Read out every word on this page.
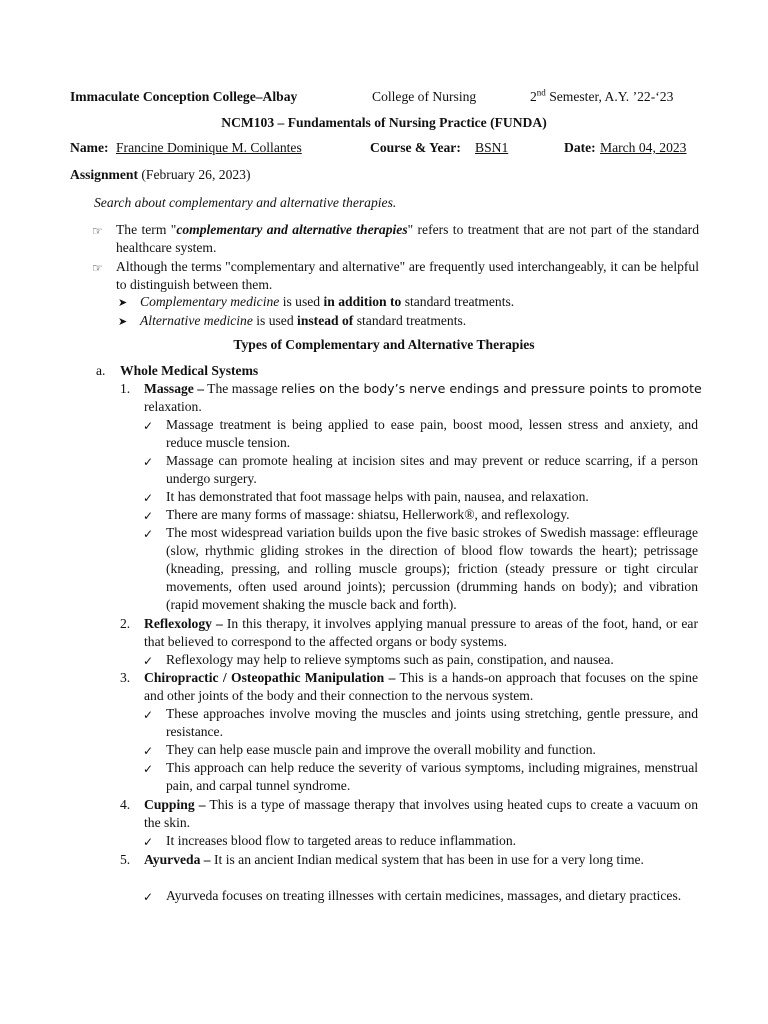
Immaculate Conception College–Albay	College of Nursing	2nd Semester, A.Y. ’22-‘23
NCM103 – Fundamentals of Nursing Practice (FUNDA)
Name: Francine Dominique M. Collantes	Course & Year: BSN1	Date: March 04, 2023
Assignment (February 26, 2023)
Search about complementary and alternative therapies.
☞ The term "complementary and alternative therapies" refers to treatment that are not part of the standard healthcare system.
☞ Although the terms "complementary and alternative" are frequently used interchangeably, it can be helpful to distinguish between them.
➤ Complementary medicine is used in addition to standard treatments.
➤ Alternative medicine is used instead of standard treatments.
Types of Complementary and Alternative Therapies
a. Whole Medical Systems
1. Massage – The massage relies on the body’s nerve endings and pressure points to promote
relaxation.
✓ Massage treatment is being applied to ease pain, boost mood, lessen stress and anxiety, and reduce muscle tension.
✓ Massage can promote healing at incision sites and may prevent or reduce scarring, if a person undergo surgery.
✓ It has demonstrated that foot massage helps with pain, nausea, and relaxation.
✓ There are many forms of massage: shiatsu, Hellerwork®, and reflexology.
✓ The most widespread variation builds upon the five basic strokes of Swedish massage: effleurage (slow, rhythmic gliding strokes in the direction of blood flow towards the heart); petrissage (kneading, pressing, and rolling muscle groups); friction (steady pressure or tight circular movements, often used around joints); percussion (drumming hands on body); and vibration (rapid movement shaking the muscle back and forth).
2. Reflexology – In this therapy, it involves applying manual pressure to areas of the foot, hand, or ear that believed to correspond to the affected organs or body systems.
✓ Reflexology may help to relieve symptoms such as pain, constipation, and nausea.
3. Chiropractic / Osteopathic Manipulation – This is a hands-on approach that focuses on the spine and other joints of the body and their connection to the nervous system.
✓ These approaches involve moving the muscles and joints using stretching, gentle pressure, and resistance.
✓ They can help ease muscle pain and improve the overall mobility and function.
✓ This approach can help reduce the severity of various symptoms, including migraines, menstrual pain, and carpal tunnel syndrome.
4. Cupping – This is a type of massage therapy that involves using heated cups to create a vacuum on the skin.
✓ It increases blood flow to targeted areas to reduce inflammation.
5. Ayurveda – It is an ancient Indian medical system that has been in use for a very long time.
✓ Ayurveda focuses on treating illnesses with certain medicines, massages, and dietary practices.
